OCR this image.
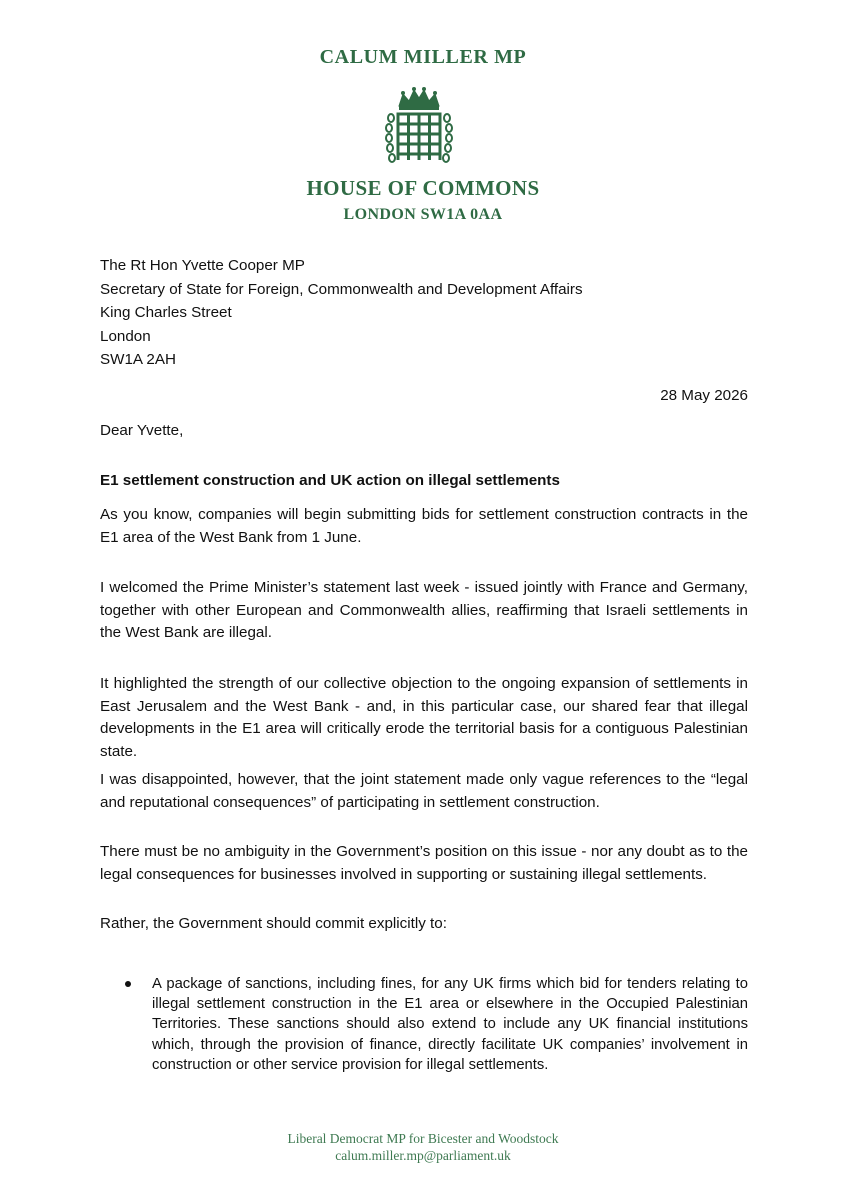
CALUM MILLER MP
HOUSE OF COMMONS
LONDON SW1A 0AA
The Rt Hon Yvette Cooper MP
Secretary of State for Foreign, Commonwealth and Development Affairs
King Charles Street
London
SW1A 2AH
28 May 2026
Dear Yvette,
E1 settlement construction and UK action on illegal settlements
As you know, companies will begin submitting bids for settlement construction contracts in the E1 area of the West Bank from 1 June.
I welcomed the Prime Minister’s statement last week - issued jointly with France and Germany, together with other European and Commonwealth allies, reaffirming that Israeli settlements in the West Bank are illegal.
It highlighted the strength of our collective objection to the ongoing expansion of settlements in East Jerusalem and the West Bank - and, in this particular case, our shared fear that illegal developments in the E1 area will critically erode the territorial basis for a contiguous Palestinian state.
I was disappointed, however, that the joint statement made only vague references to the “legal and reputational consequences” of participating in settlement construction.
There must be no ambiguity in the Government’s position on this issue - nor any doubt as to the legal consequences for businesses involved in supporting or sustaining illegal settlements.
Rather, the Government should commit explicitly to:
A package of sanctions, including fines, for any UK firms which bid for tenders relating to illegal settlement construction in the E1 area or elsewhere in the Occupied Palestinian Territories. These sanctions should also extend to include any UK financial institutions which, through the provision of finance, directly facilitate UK companies’ involvement in construction or other service provision for illegal settlements.
Liberal Democrat MP for Bicester and Woodstock
calum.miller.mp@parliament.uk
